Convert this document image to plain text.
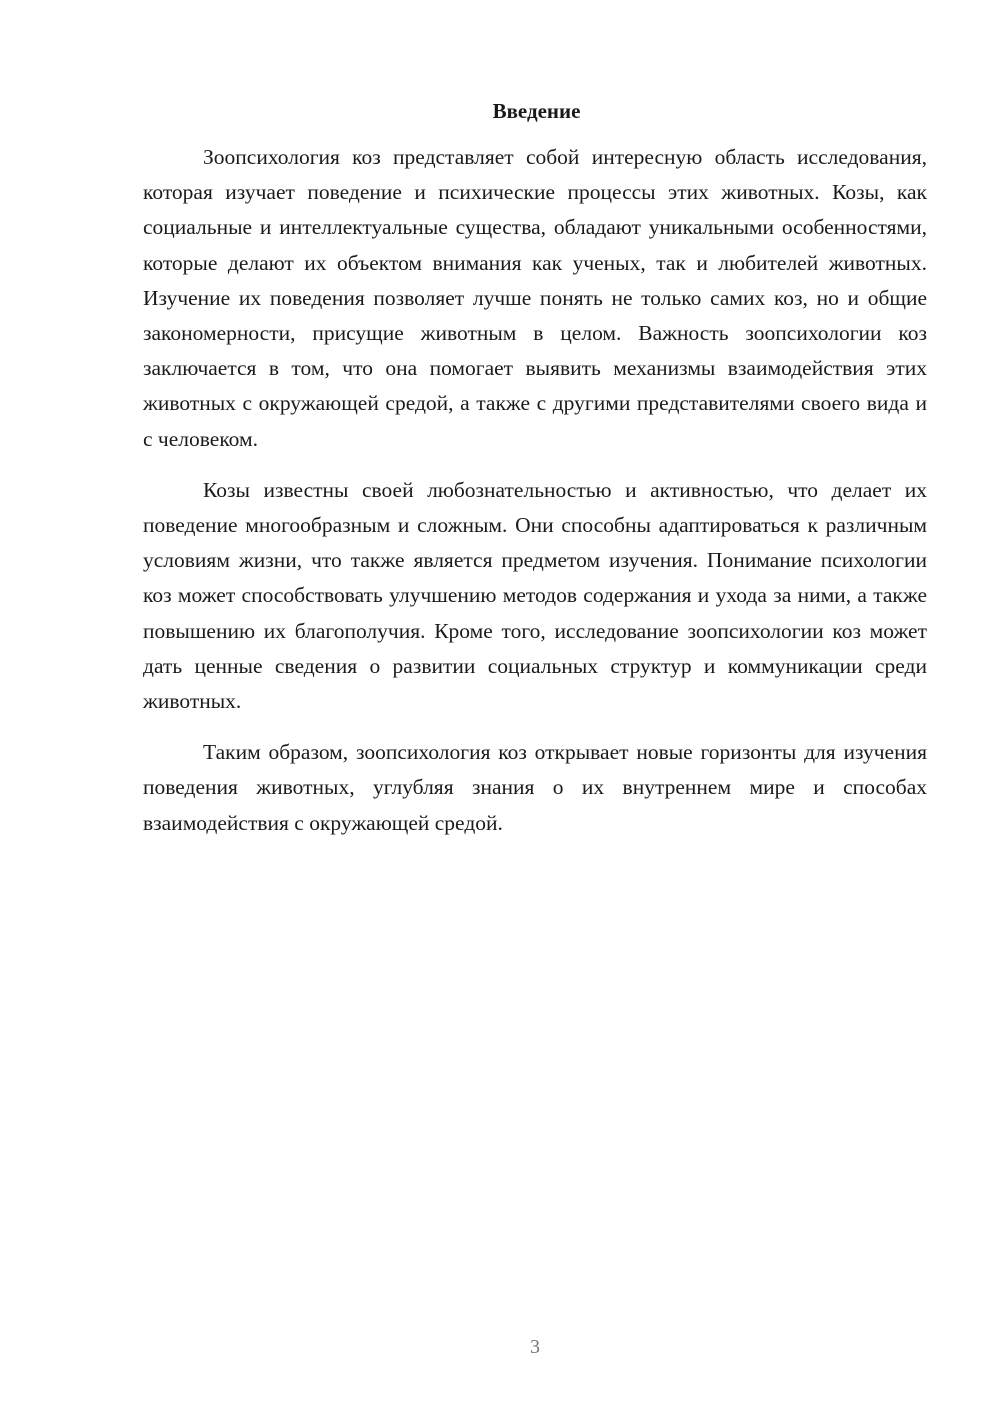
Введение

Зоопсихология коз представляет собой интересную область исследования, которая изучает поведение и психические процессы этих животных. Козы, как социальные и интеллектуальные существа, обладают уникальными особенностями, которые делают их объектом внимания как ученых, так и любителей животных. Изучение их поведения позволяет лучше понять не только самих коз, но и общие закономерности, присущие животным в целом. Важность зоопсихологии коз заключается в том, что она помогает выявить механизмы взаимодействия этих животных с окружающей средой, а также с другими представителями своего вида и с человеком.

Козы известны своей любознательностью и активностью, что делает их поведение многообразным и сложным. Они способны адаптироваться к различным условиям жизни, что также является предметом изучения. Понимание психологии коз может способствовать улучшению методов содержания и ухода за ними, а также повышению их благополучия. Кроме того, исследование зоопсихологии коз может дать ценные сведения о развитии социальных структур и коммуникации среди животных.

Таким образом, зоопсихология коз открывает новые горизонты для изучения поведения животных, углубляя знания о их внутреннем мире и способах взаимодействия с окружающей средой.

3
